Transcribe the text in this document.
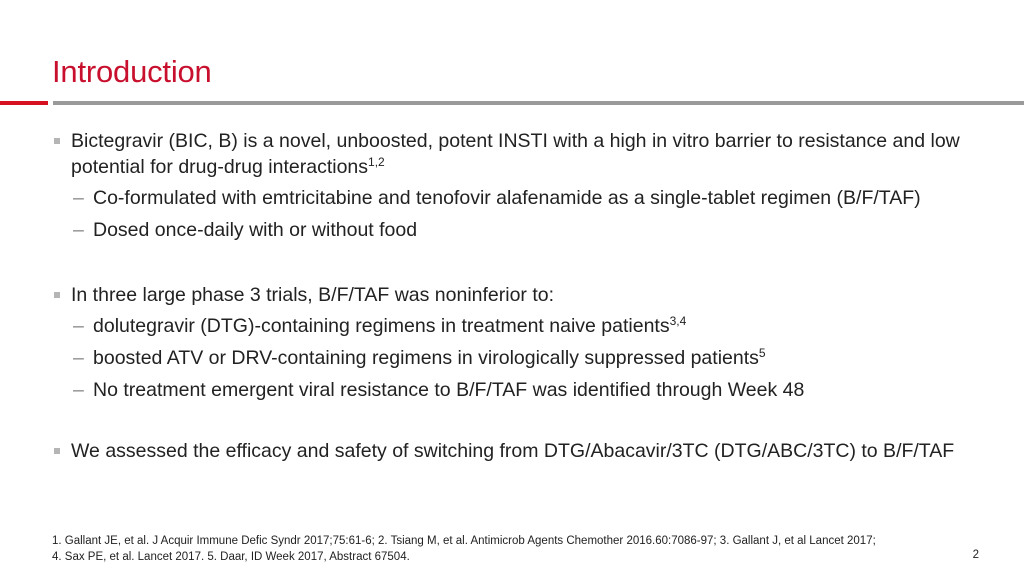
Introduction
Bictegravir (BIC, B) is a novel, unboosted, potent INSTI with a high in vitro barrier to resistance and low potential for drug-drug interactions$^{1,2}$
– Co-formulated with emtricitabine and tenofovir alafenamide as a single-tablet regimen (B/F/TAF)
– Dosed once-daily with or without food
In three large phase 3 trials, B/F/TAF was noninferior to:
– dolutegravir (DTG)-containing regimens in treatment naive patients$^{3,4}$
– boosted ATV or DRV-containing regimens in virologically suppressed patients$^5$
– No treatment emergent viral resistance to B/F/TAF was identified through Week 48
We assessed the efficacy and safety of switching from DTG/Abacavir/3TC (DTG/ABC/3TC) to B/F/TAF
1. Gallant JE, et al. J Acquir Immune Defic Syndr 2017;75:61-6; 2. Tsiang M, et al. Antimicrob Agents Chemother 2016.60:7086-97; 3. Gallant J, et al Lancet 2017;
4. Sax PE, et al. Lancet 2017. 5. Daar, ID Week 2017, Abstract 67504.	2
